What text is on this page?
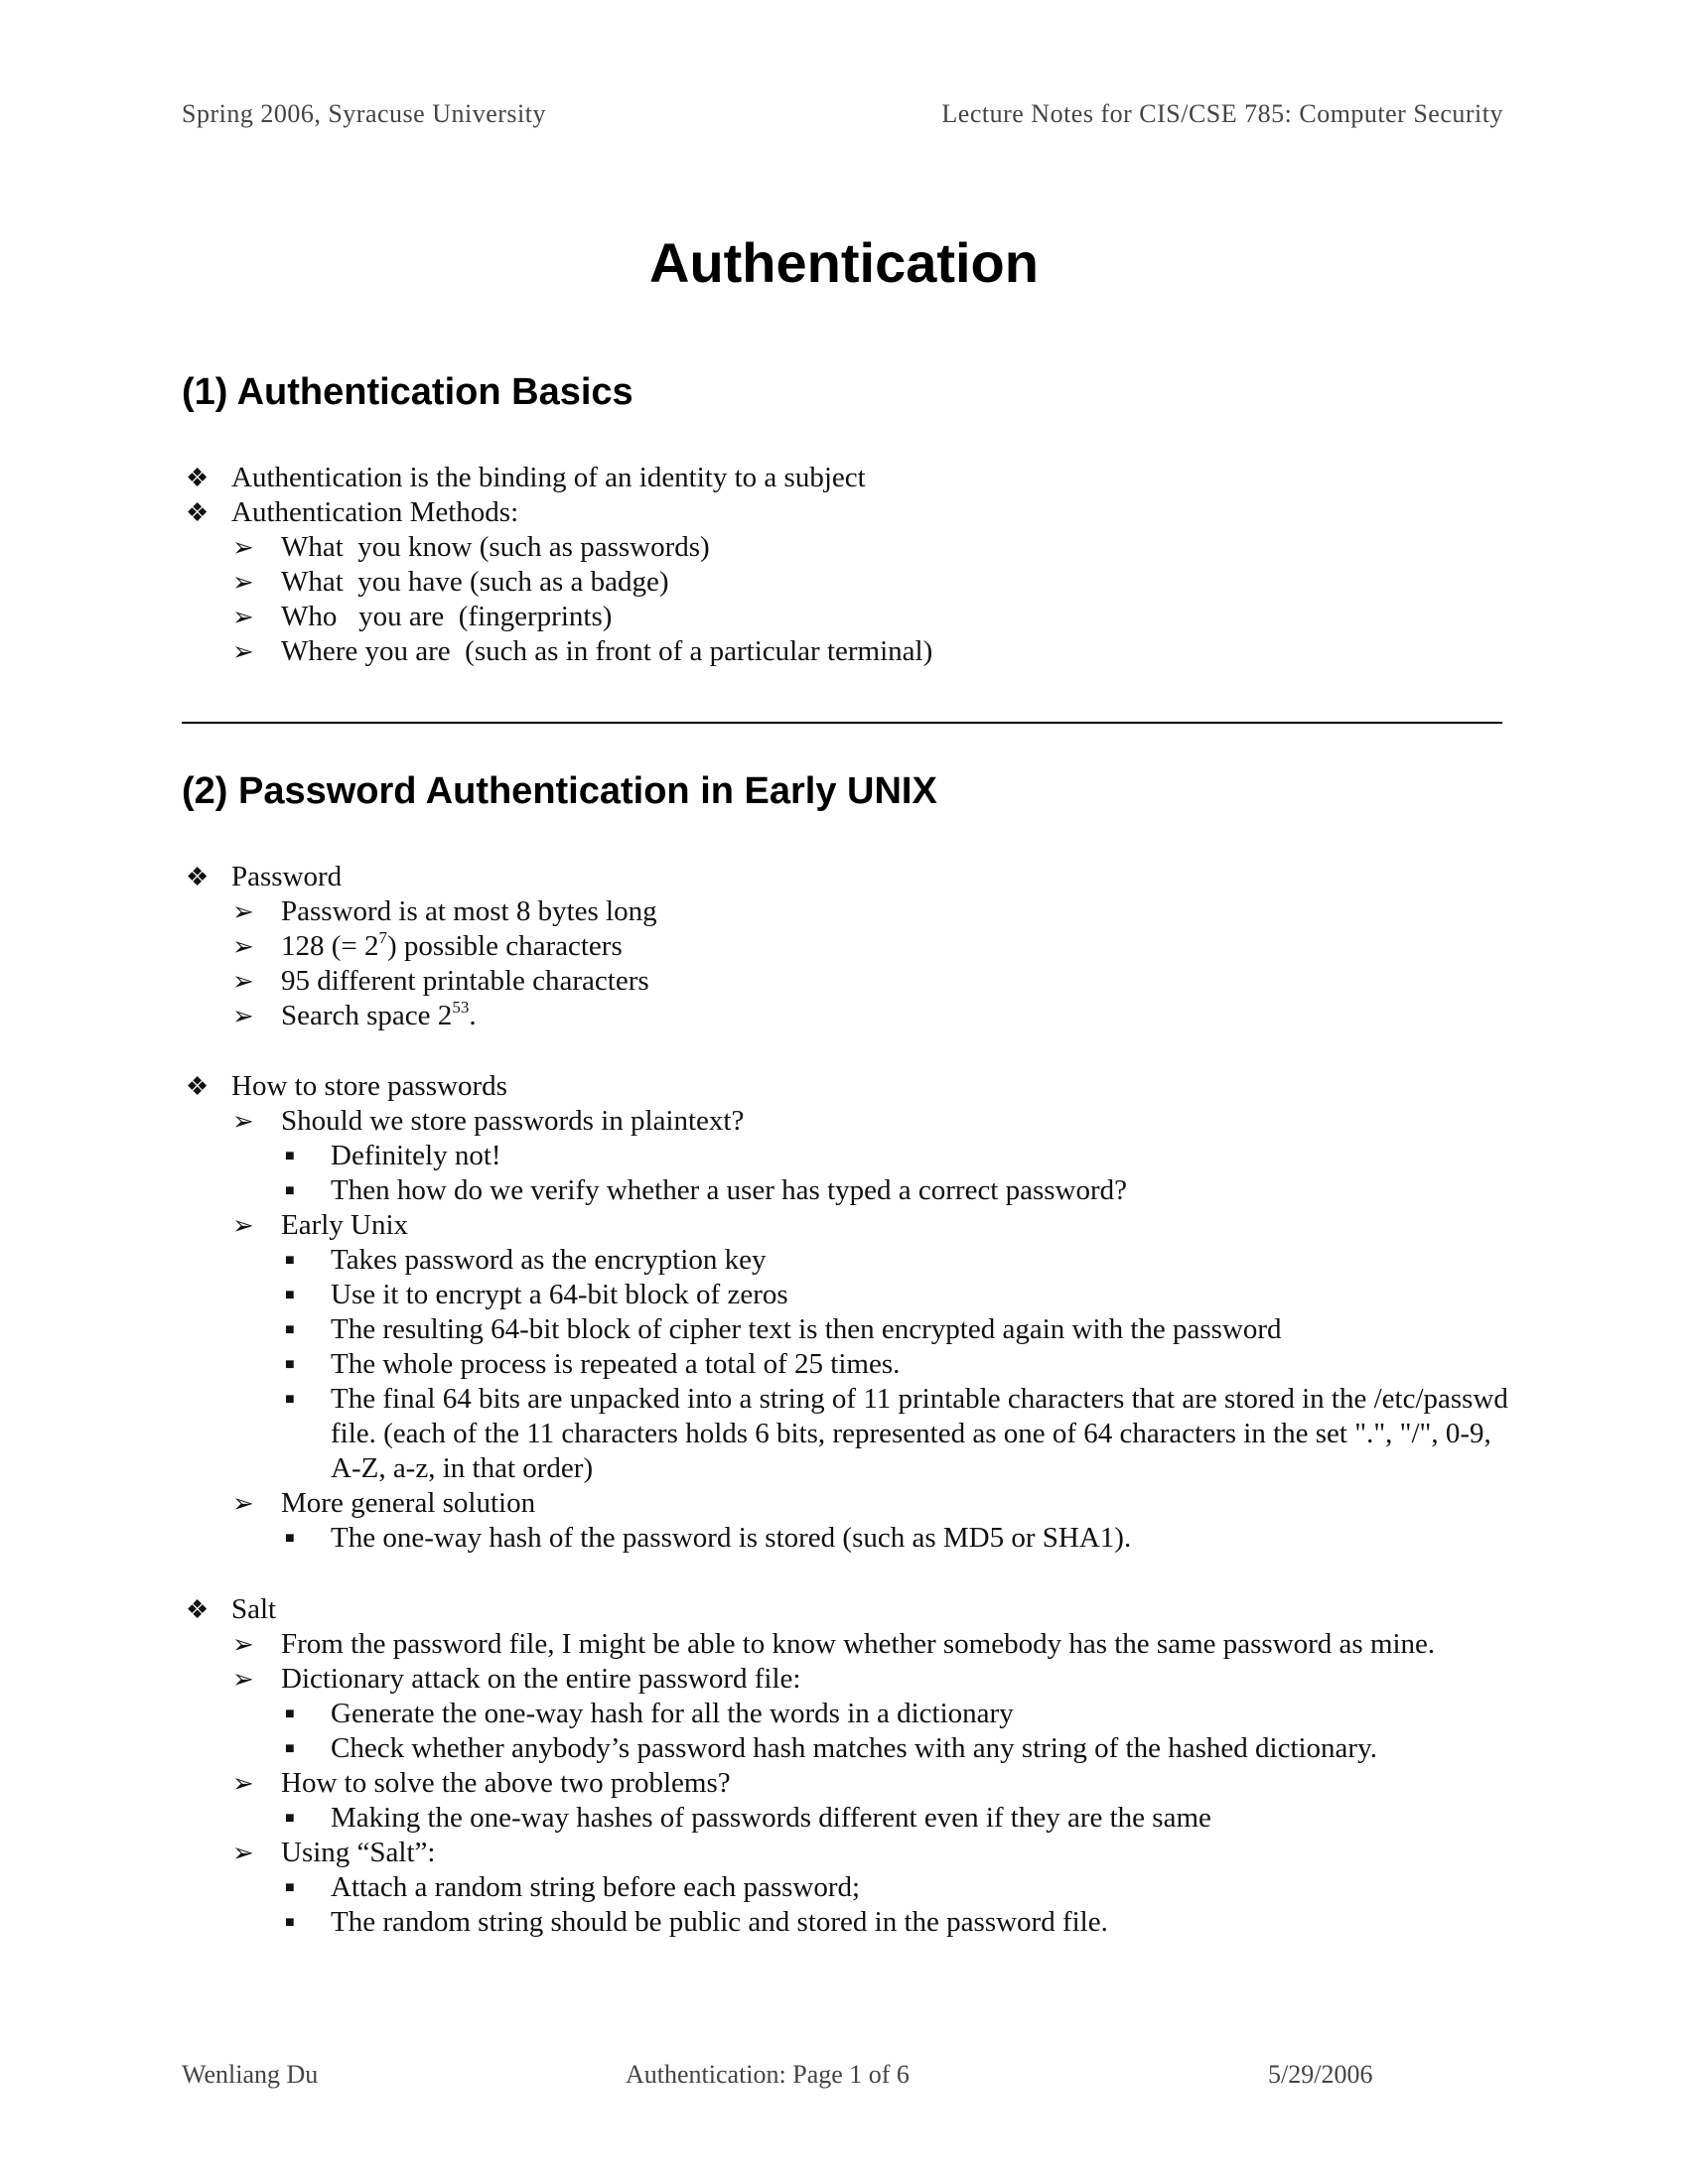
Spring 2006, Syracuse University	Lecture Notes for CIS/CSE 785: Computer Security
Authentication
(1) Authentication Basics
❖ Authentication is the binding of an identity to a subject
❖ Authentication Methods:
➢ What  you know (such as passwords)
➢ What  you have (such as a badge)
➢ Who   you are  (fingerprints)
➢ Where you are  (such as in front of a particular terminal)
(2) Password Authentication in Early UNIX
❖ Password
➢ Password is at most 8 bytes long
➢ 128 (= $2^7$) possible characters
➢ 95 different printable characters
➢ Search space $2^{53}$.
❖ How to store passwords
➢ Should we store passwords in plaintext?
■ Definitely not!
■ Then how do we verify whether a user has typed a correct password?
➢ Early Unix
■ Takes password as the encryption key
■ Use it to encrypt a 64-bit block of zeros
■ The resulting 64-bit block of cipher text is then encrypted again with the password
■ The whole process is repeated a total of 25 times.
■ The final 64 bits are unpacked into a string of 11 printable characters that are stored in the /etc/passwd file. (each of the 11 characters holds 6 bits, represented as one of 64 characters in the set ".", "/", 0-9, A-Z, a-z, in that order)
➢ More general solution
■ The one-way hash of the password is stored (such as MD5 or SHA1).
❖ Salt
➢ From the password file, I might be able to know whether somebody has the same password as mine.
➢ Dictionary attack on the entire password file:
■ Generate the one-way hash for all the words in a dictionary
■ Check whether anybody’s password hash matches with any string of the hashed dictionary.
➢ How to solve the above two problems?
■ Making the one-way hashes of passwords different even if they are the same
➢ Using “Salt”:
■ Attach a random string before each password;
■ The random string should be public and stored in the password file.
Wenliang Du	Authentication: Page 1 of 6	5/29/2006
